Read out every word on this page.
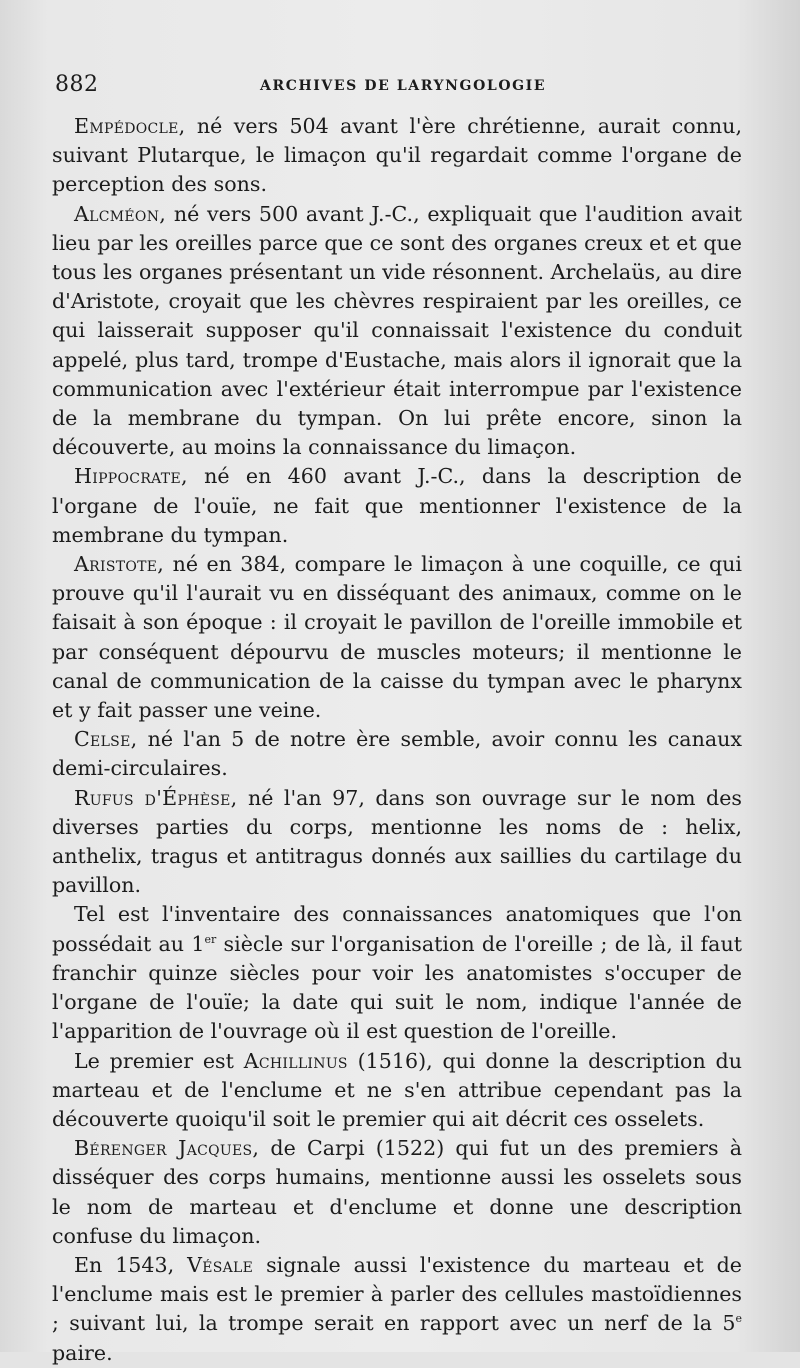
882	ARCHIVES DE LARYNGOLOGIE

Empédocle, né vers 504 avant l'ère chrétienne, aurait connu, suivant Plutarque, le limaçon qu'il regardait comme l'organe de perception des sons.

Alcméon, né vers 500 avant J.-C., expliquait que l'audition avait lieu par les oreilles parce que ce sont des organes creux et et que tous les organes présentant un vide résonnent. Archelaüs, au dire d'Aristote, croyait que les chèvres respiraient par les oreilles, ce qui laisserait supposer qu'il connaissait l'existence du conduit appelé, plus tard, trompe d'Eustache, mais alors il ignorait que la communication avec l'extérieur était interrompue par l'existence de la membrane du tympan. On lui prête encore, sinon la découverte, au moins la connaissance du limaçon.

Hippocrate, né en 460 avant J.-C., dans la description de l'organe de l'ouïe, ne fait que mentionner l'existence de la membrane du tympan.

Aristote, né en 384, compare le limaçon à une coquille, ce qui prouve qu'il l'aurait vu en disséquant des animaux, comme on le faisait à son époque : il croyait le pavillon de l'oreille immobile et par conséquent dépourvu de muscles moteurs; il mentionne le canal de communication de la caisse du tympan avec le pharynx et y fait passer une veine.

Celse, né l'an 5 de notre ère semble, avoir connu les canaux demi-circulaires.

Rufus d'Éphèse, né l'an 97, dans son ouvrage sur le nom des diverses parties du corps, mentionne les noms de : helix, anthelix, tragus et antitragus donnés aux saillies du cartilage du pavillon.

Tel est l'inventaire des connaissances anatomiques que l'on possédait au 1er siècle sur l'organisation de l'oreille ; de là, il faut franchir quinze siècles pour voir les anatomistes s'occuper de l'organe de l'ouïe; la date qui suit le nom, indique l'année de l'apparition de l'ouvrage où il est question de l'oreille.

Le premier est Achillinus (1516), qui donne la description du marteau et de l'enclume et ne s'en attribue cependant pas la découverte quoiqu'il soit le premier qui ait décrit ces osselets.

Bérenger Jacques, de Carpi (1522) qui fut un des premiers à disséquer des corps humains, mentionne aussi les osselets sous le nom de marteau et d'enclume et donne une description confuse du limaçon.

En 1543, Vésale signale aussi l'existence du marteau et de l'enclume mais est le premier à parler des cellules mastoïdiennes ; suivant lui, la trompe serait en rapport avec un nerf de la 5e paire.
